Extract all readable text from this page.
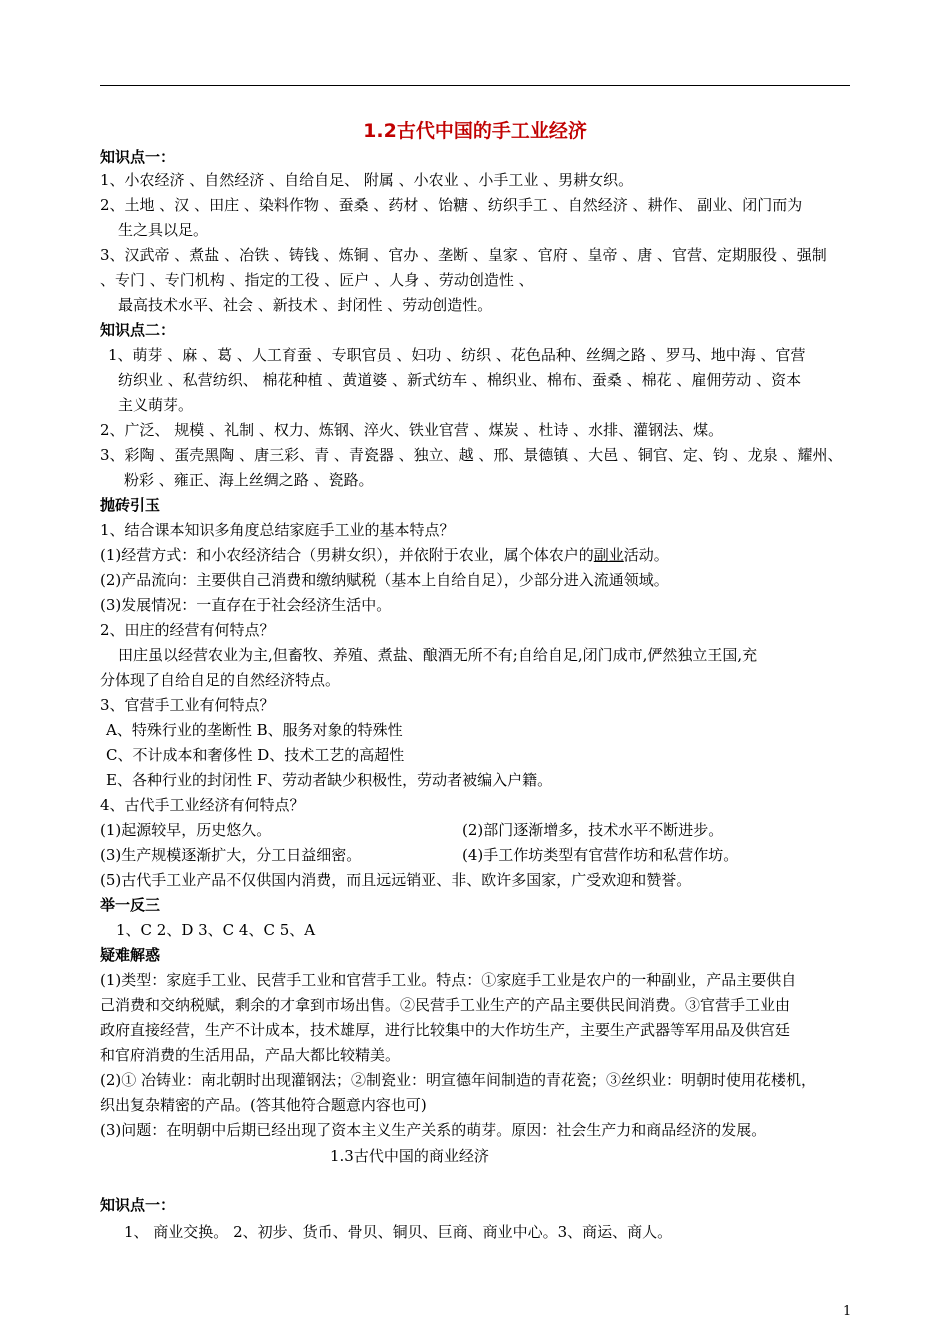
1.2古代中国的手工业经济
知识点一：
1、小农经济 、自然经济 、自给自足、 附属 、小农业 、小手工业 、男耕女织。
2、土地 、汉 、田庄 、染料作物 、蚕桑 、药材 、饴糖 、纺织手工 、自然经济 、耕作、 副业、闭门而为
生之具以足。
3、汉武帝 、煮盐 、冶铁 、铸钱 、炼铜 、官办 、垄断 、皇家 、官府 、皇帝 、唐 、官营、定期服役 、强制
、专门 、专门机构 、指定的工役 、匠户 、人身 、劳动创造性 、
最高技术水平、社会 、新技术 、封闭性 、劳动创造性。
知识点二：
1、萌芽 、麻 、葛 、人工育蚕 、专职官员 、妇功 、纺织 、花色品种、丝绸之路 、罗马、地中海 、官营
纺织业 、私营纺织、 棉花种植 、黄道婆 、新式纺车 、棉织业、棉布、蚕桑 、棉花 、雇佣劳动 、资本
主义萌芽。
2、广泛、 规模 、礼制 、权力、炼钢、淬火、铁业官营 、煤炭 、杜诗 、水排、灌钢法、煤。
3、彩陶 、蛋壳黑陶 、唐三彩、青 、青瓷器 、独立、越 、邢、景德镇 、大邑 、铜官、定、钧 、龙泉 、耀州、
粉彩 、雍正、海上丝绸之路 、瓷路。
抛砖引玉
1、结合课本知识多角度总结家庭手工业的基本特点？
(1)经营方式：和小农经济结合（男耕女织），并依附于农业，属个体农户的副业活动。
(2)产品流向：主要供自己消费和缴纳赋税（基本上自给自足），少部分进入流通领域。
(3)发展情况：一直存在于社会经济生活中。
2、田庄的经营有何特点？
田庄虽以经营农业为主,但畜牧、养殖、煮盐、酿酒无所不有;自给自足,闭门成市,俨然独立王国,充
分体现了自给自足的自然经济特点。
3、官营手工业有何特点？
A、特殊行业的垄断性 B、服务对象的特殊性
C、不计成本和奢侈性 D、技术工艺的高超性
E、各种行业的封闭性 F、劳动者缺少积极性，劳动者被编入户籍。
4、古代手工业经济有何特点？
(1)起源较早，历史悠久。	(2)部门逐渐增多，技术水平不断进步。
(3)生产规模逐渐扩大，分工日益细密。	(4)手工作坊类型有官营作坊和私营作坊。
(5)古代手工业产品不仅供国内消费，而且远远销亚、非、欧许多国家，广受欢迎和赞誉。
举一反三
1、C 2、D 3、C 4、C 5、A
疑难解惑
(1)类型：家庭手工业、民营手工业和官营手工业。特点：①家庭手工业是农户的一种副业，产品主要供自
己消费和交纳税赋，剩余的才拿到市场出售。②民营手工业生产的产品主要供民间消费。③官营手工业由
政府直接经营，生产不计成本，技术雄厚，进行比较集中的大作坊生产，主要生产武器等军用品及供宫廷
和官府消费的生活用品，产品大都比较精美。
(2)① 冶铸业：南北朝时出现灌钢法；②制瓷业：明宣德年间制造的青花瓷；③丝织业：明朝时使用花楼机，
织出复杂精密的产品。(答其他符合题意内容也可)
(3)问题：在明朝中后期已经出现了资本主义生产关系的萌芽。原因：社会生产力和商品经济的发展。
1.3古代中国的商业经济
知识点一：
1、 商业交换。 2、初步、货币、骨贝、铜贝、巨商、商业中心。3、商运、商人。
1
